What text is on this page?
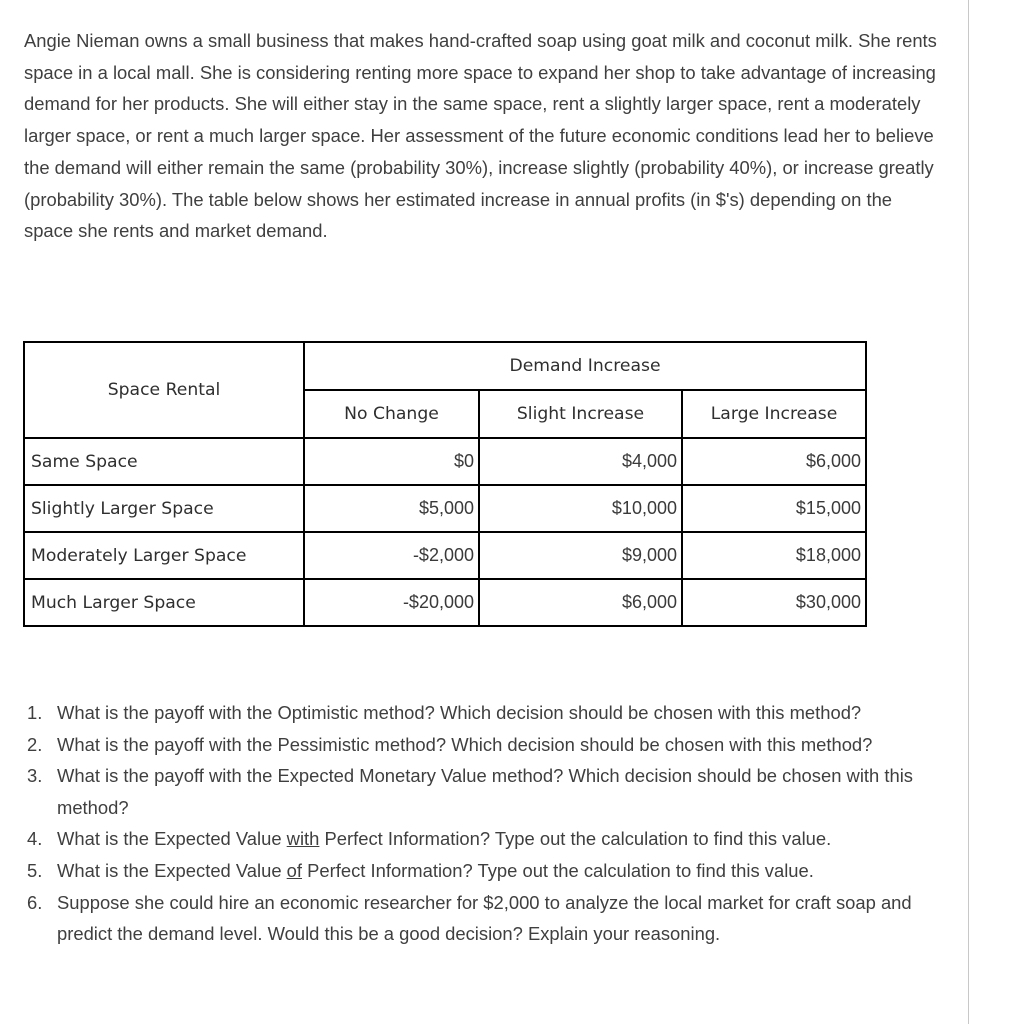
Angie Nieman owns a small business that makes hand-crafted soap using goat milk and coconut milk. She rents space in a local mall. She is considering renting more space to expand her shop to take advantage of increasing demand for her products. She will either stay in the same space, rent a slightly larger space, rent a moderately larger space, or rent a much larger space. Her assessment of the future economic conditions lead her to believe the demand will either remain the same (probability 30%), increase slightly (probability 40%), or increase greatly (probability 30%). The table below shows her estimated increase in annual profits (in $'s) depending on the space she rents and market demand.

Space Rental	Demand Increase		
	No Change	Slight Increase	Large Increase
Same Space	$0	$4,000	$6,000
Slightly Larger Space	$5,000	$10,000	$15,000
Moderately Larger Space	-$2,000	$9,000	$18,000
Much Larger Space	-$20,000	$6,000	$30,000
1. What is the payoff with the Optimistic method? Which decision should be chosen with this method?
2. What is the payoff with the Pessimistic method? Which decision should be chosen with this method?
3. What is the payoff with the Expected Monetary Value method? Which decision should be chosen with this method?
4. What is the Expected Value with Perfect Information? Type out the calculation to find this value.
5. What is the Expected Value of Perfect Information? Type out the calculation to find this value.
6. Suppose she could hire an economic researcher for $2,000 to analyze the local market for craft soap and predict the demand level. Would this be a good decision? Explain your reasoning.
